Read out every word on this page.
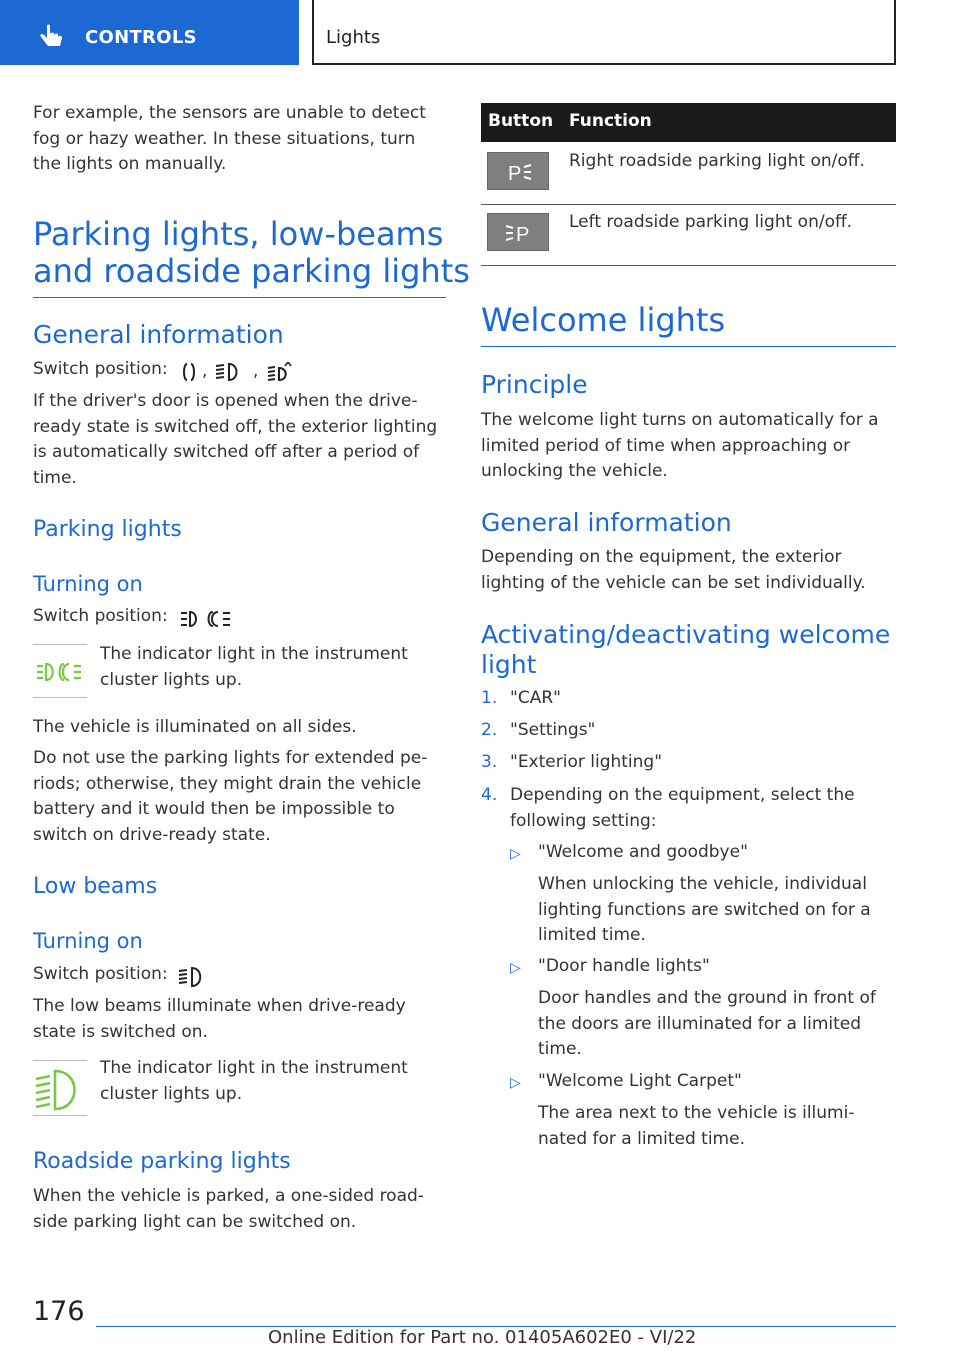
CONTROLS	Lights
For example, the sensors are unable to detect fog or hazy weather. In these situations, turn the lights on manually.
Parking lights, low-beams
and roadside parking lights
General information
Switch position: ,	,
If the driver's door is opened when the drive-ready state is switched off, the exterior lighting is automatically switched off after a period of time.
Parking lights
Turning on
Switch position:
The indicator light in the instrument cluster lights up.
The vehicle is illuminated on all sides.
Do not use the parking lights for extended pe-riods; otherwise, they might drain the vehicle battery and it would then be impossible to switch on drive-ready state.
Low beams
Turning on
Switch position:
The low beams illuminate when drive-ready state is switched on.
The indicator light in the instrument cluster lights up.
Roadside parking lights
When the vehicle is parked, a one-sided road-side parking light can be switched on.
Button Function
P
Right roadside parking light on/off.
P
Left roadside parking light on/off.
Welcome lights
Principle
The welcome light turns on automatically for a limited period of time when approaching or unlocking the vehicle.
General information
Depending on the equipment, the exterior lighting of the vehicle can be set individually.
Activating/deactivating welcome
light
1. "CAR"
2. "Settings"
3. "Exterior lighting"
4. Depending on the equipment, select the following setting:
▷ "Welcome and goodbye"
When unlocking the vehicle, individual lighting functions are switched on for a limited time.
▷ "Door handle lights"
Door handles and the ground in front of the doors are illuminated for a limited time.
▷ "Welcome Light Carpet"
The area next to the vehicle is illumi-nated for a limited time.
176
Online Edition for Part no. 01405A602E0 - VI/22
